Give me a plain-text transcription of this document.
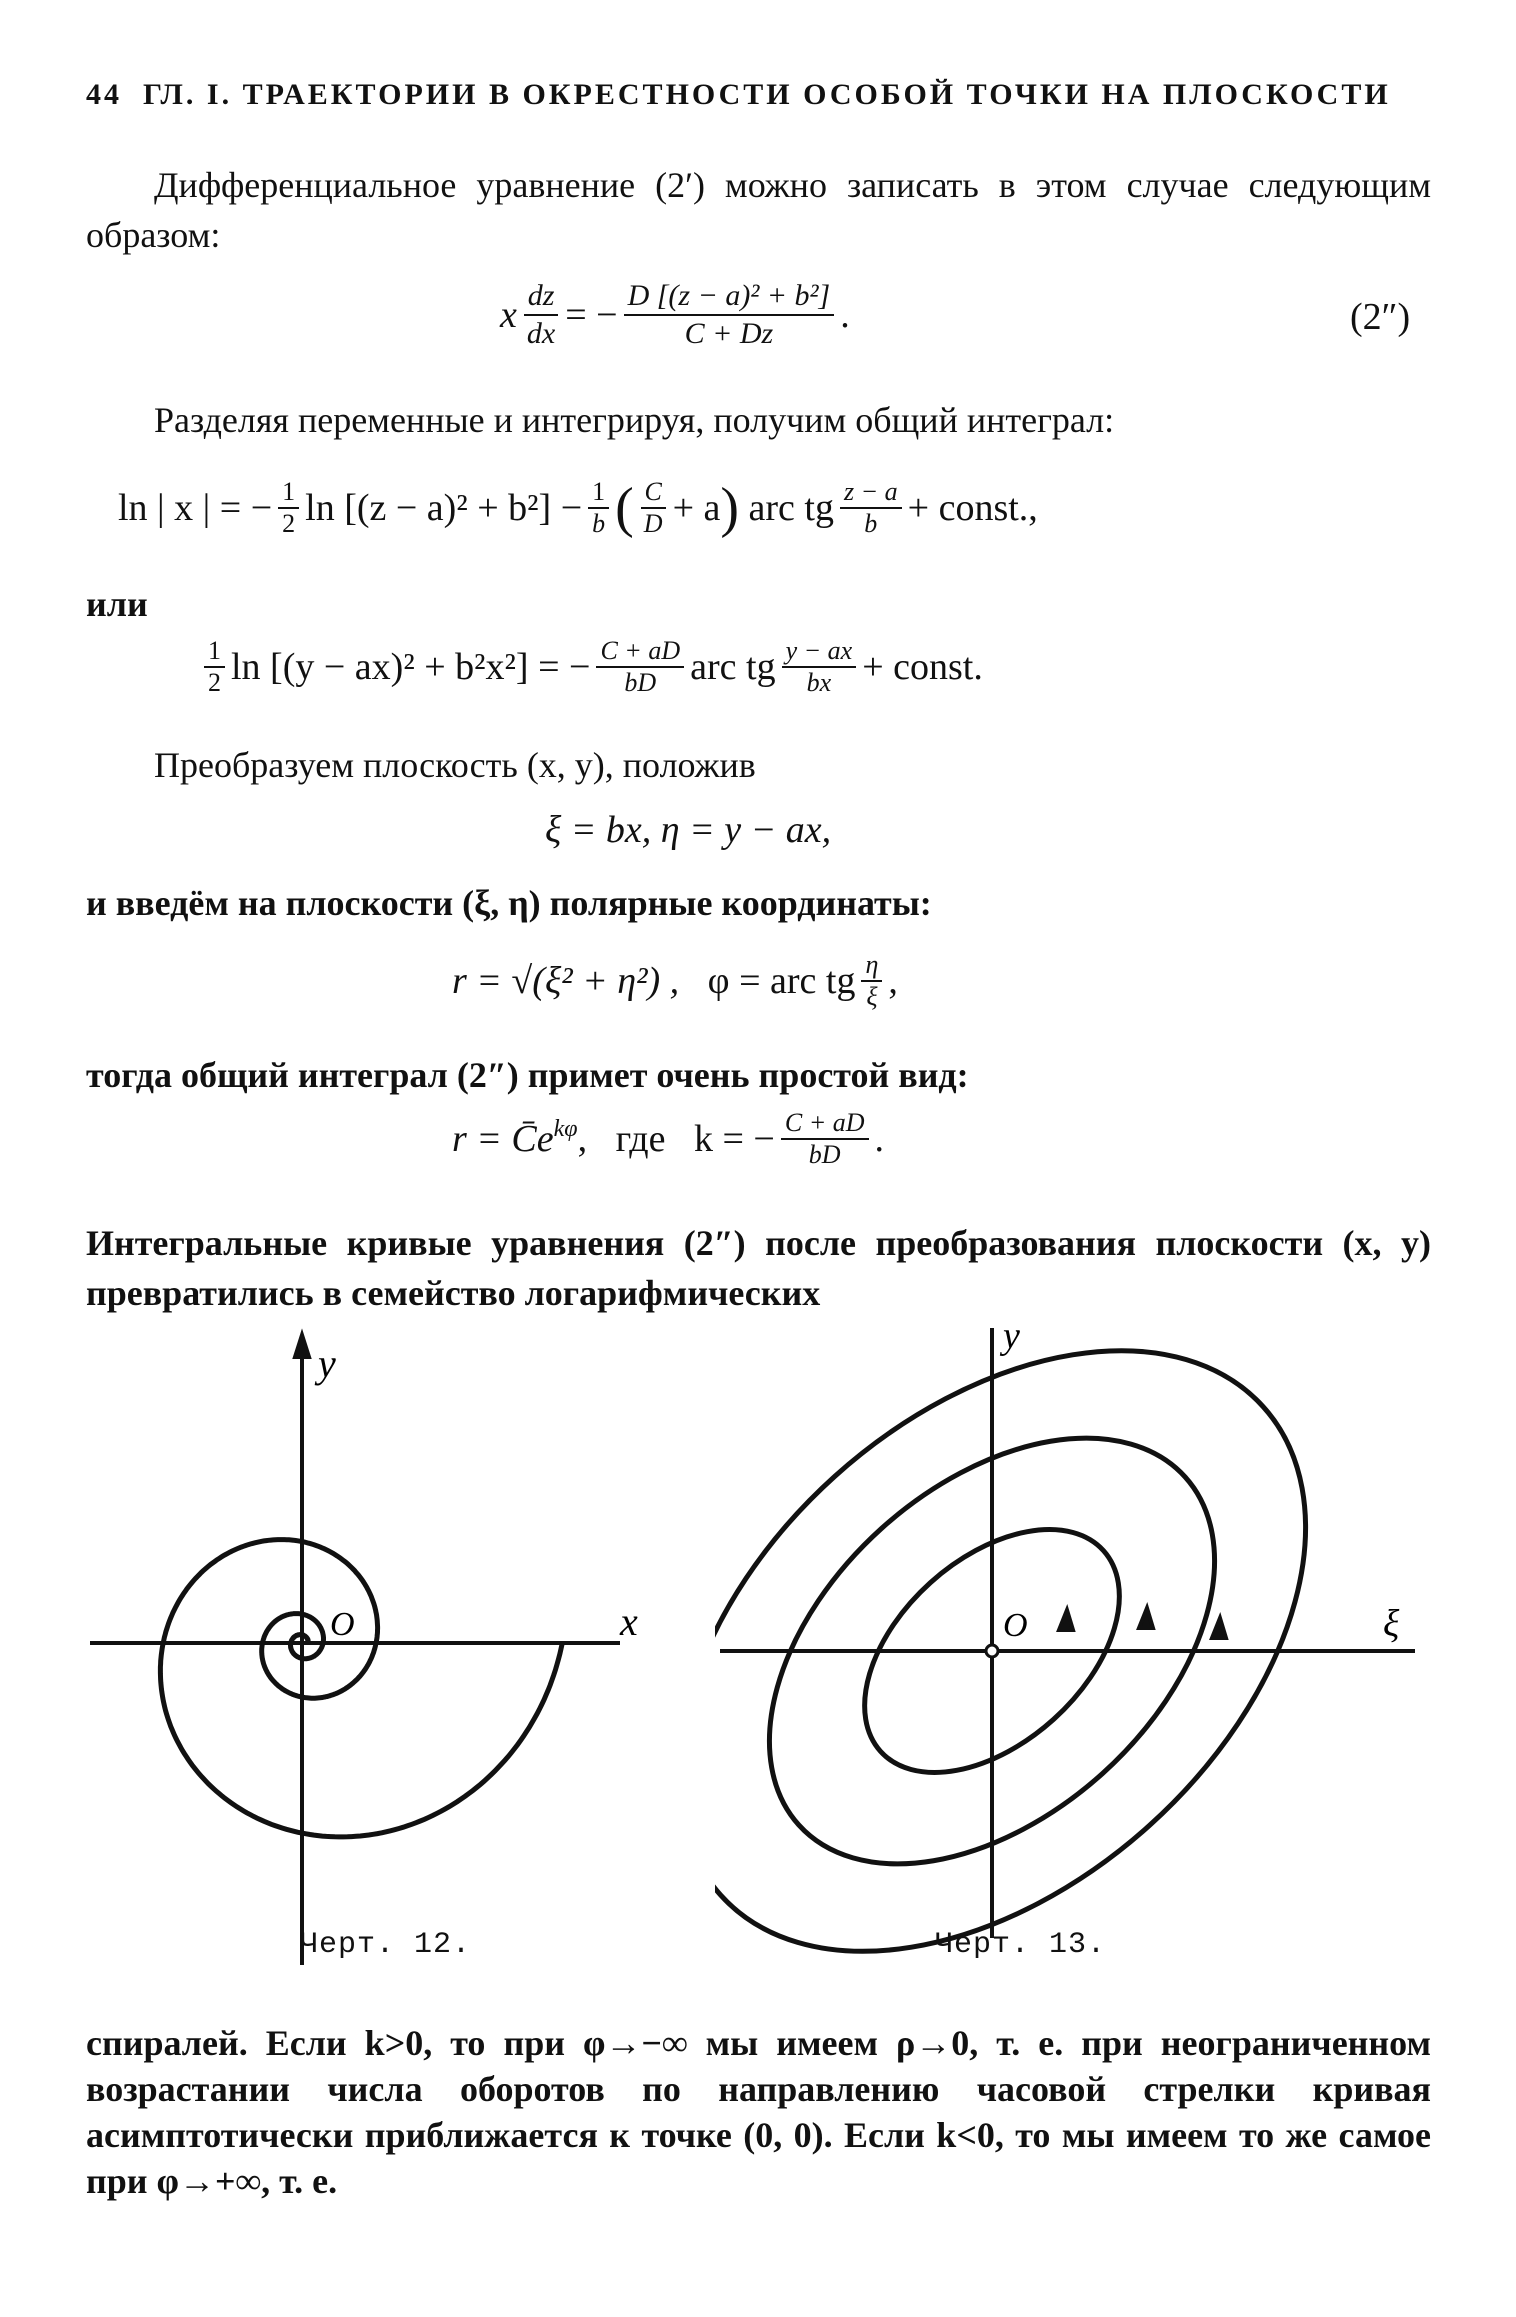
44 ГЛ. I. ТРАЕКТОРИИ В ОКРЕСТНОСТИ ОСОБОЙ ТОЧКИ НА ПЛОСКОСТИ
Дифференциальное уравнение (2′) можно записать в этом случае следующим образом:
x $\frac{dz}{dx}$ = − $\frac{\text{D [(z − a)² + b²]}}{C + Dz}$ .	(2″)
Разделяя переменные и интегрируя, получим общий интеграл:
ln | x | = − $\frac{1}{2}$ $\ln [(z - a)^2 + b^2] - \frac{1}{b}$ ( $\frac{C}{D} + a$ )
arc tg $\frac{z - a}{b}$ + const.,
или
$\frac{1}{2}$ ln [(y − ax)² + b²x²] = − $\frac{C + aD}{bD}$ arc tg $\frac{y - ax}{bx}$ + const.
Преобразуем плоскость (x, y), положив
ξ = bx, η = y − ax,
и введём на плоскости (ξ, η) полярные координаты:
r = √(ξ² + η²) ,
φ = arc tg $\frac{\eta}{\xi}$ ,
тогда общий интеграл (2″) примет очень простой вид:
$r = C̄e^{k\varphi}$ ,   где   k = − $\frac{C + aD}{bD}$ .
Интегральные кривые уравнения (2″) после преобразования плоскости (x, y) превратились в семейство логарифмических
y
x
O
Черт. 12.
y
ξ
O
Черт. 13.
спиралей. Если k>0, то при φ→−∞ мы имеем ρ→0, т. е. при неограниченном возрастании числа оборотов по направлению часовой стрелки кривая асимптотически приближается к точке (0, 0). Если k<0, то мы имеем то же самое при φ→+∞, т. е.
